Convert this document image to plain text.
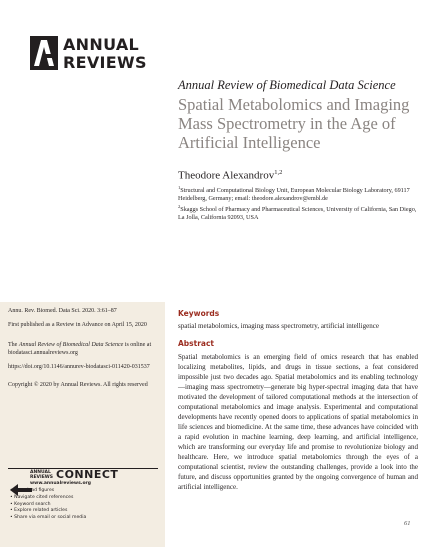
ANNUAL
REVIEWS
Annual Review of Biomedical Data Science
Spatial Metabolomics and Imaging Mass Spectrometry in the Age of Artificial Intelligence
Theodore Alexandrov$^{1,2}$
$^1$Structural and Computational Biology Unit, European Molecular Biology Laboratory, 69117 Heidelberg, Germany; email: theodore.alexandrov@embl.de
$^2$Skaggs School of Pharmacy and Pharmaceutical Sciences, University of California, San Diego, La Jolla, California 92093, USA
Annu. Rev. Biomed. Data Sci. 2020. 3:61–87
First published as a Review in Advance on April 15, 2020
The Annual Review of Biomedical Data Science is online at biodatasci.annualreviews.org
https://doi.org/10.1146/annurev-biodatasci-011420-031537
Copyright © 2020 by Annual Reviews. All rights reserved
ANNUAL
REVIEWS CONNECT
www.annualreviews.org
• Download figures
• Navigate cited references
• Keyword search
• Explore related articles
• Share via email or social media
Keywords
spatial metabolomics, imaging mass spectrometry, artificial intelligence
Abstract
Spatial metabolomics is an emerging field of omics research that has enabled localizing metabolites, lipids, and drugs in tissue sections, a feat considered impossible just two decades ago. Spatial metabolomics and its enabling technology—imaging mass spectrometry—generate big hyper-spectral imaging data that have motivated the development of tailored computational methods at the intersection of computational metabolomics and image analysis. Experimental and computational developments have recently opened doors to applications of spatial metabolomics in life sciences and biomedicine. At the same time, these advances have coincided with a rapid evolution in machine learning, deep learning, and artificial intelligence, which are transforming our everyday life and promise to revolutionize biology and healthcare. Here, we introduce spatial metabolomics through the eyes of a computational scientist, review the outstanding challenges, provide a look into the future, and discuss opportunities granted by the ongoing convergence of human and artificial intelligence.
61
